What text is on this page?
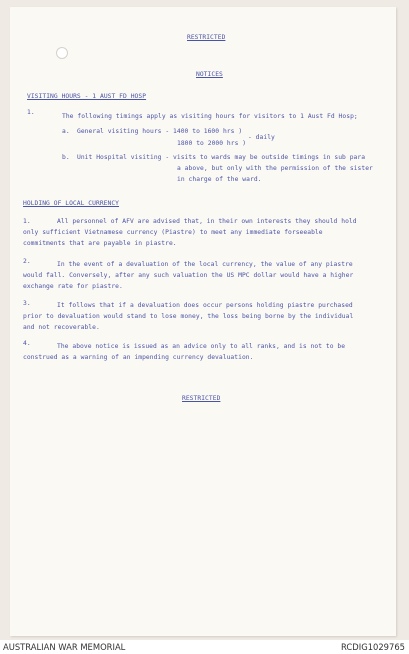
RESTRICTED

NOTICES

VISITING HOURS - 1 AUST FD HOSP

1.

The following timings apply as visiting hours for visitors to 1 Aust Fd Hosp;

a. General visiting hours - 1400 to 1600 hrs )

1800 to 2000 hrs )

- daily

b. Unit Hospital visiting - visits to wards may be outside timings in sub para

a above, but only with the permission of the sister

in charge of the ward.

HOLDING OF LOCAL CURRENCY

1.	All personnel of AFV are advised that, in their own interests they should hold

only sufficient Vietnamese currency (Piastre) to meet any immediate forseeable

commitments that are payable in piastre.

2.	In the event of a devaluation of the local currency, the value of any piastre

would fall. Conversely, after any such valuation the US MPC dollar would have a higher

exchange rate for piastre.

3.	It follows that if a devaluation does occur persons holding piastre purchased

prior to devaluation would stand to lose money, the loss being borne by the individual

and not recoverable.

4.	The above notice is issued as an advice only to all ranks, and is not to be

construed as a warning of an impending currency devaluation.

RESTRICTED

AUSTRALIAN WAR MEMORIAL	RCDIG1029765
